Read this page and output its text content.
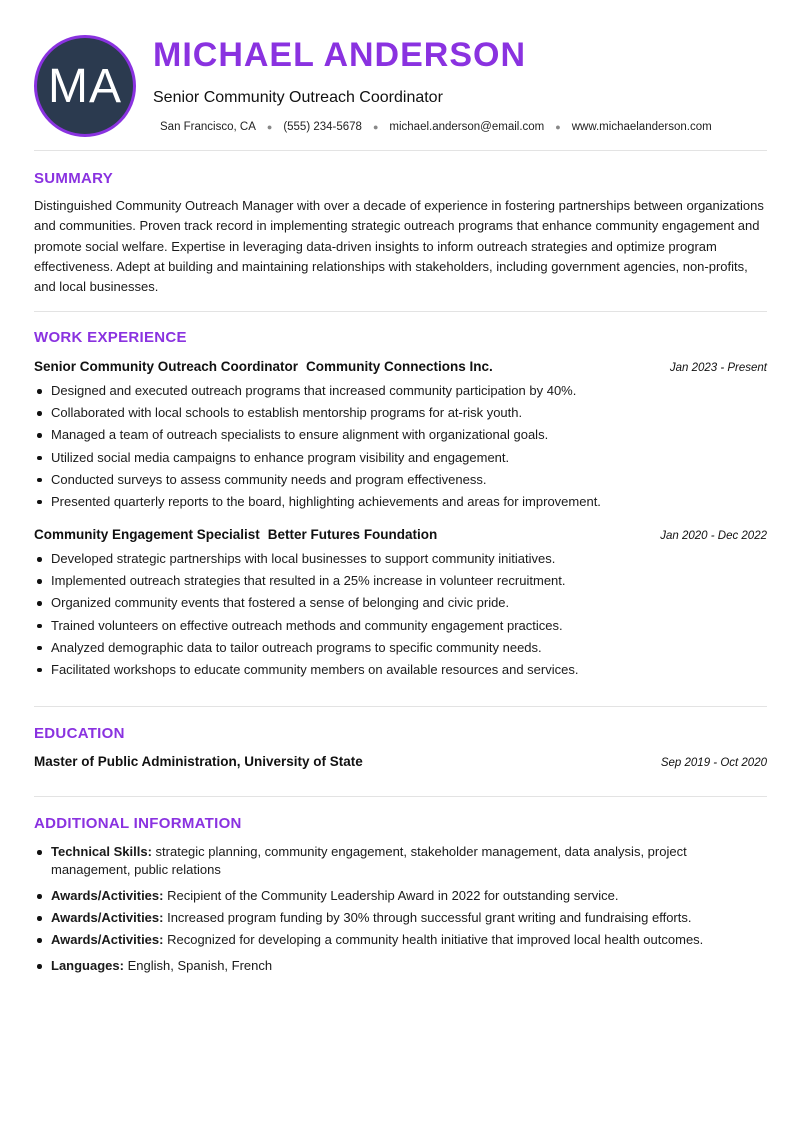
MA
MICHAEL ANDERSON
Senior Community Outreach Coordinator
San Francisco, CA ● (555) 234-5678 ● michael.anderson@email.com ● www.michaelanderson.com
SUMMARY
Distinguished Community Outreach Manager with over a decade of experience in fostering partnerships between organizations and communities. Proven track record in implementing strategic outreach programs that enhance community engagement and promote social welfare. Expertise in leveraging data-driven insights to inform outreach strategies and optimize program effectiveness. Adept at building and maintaining relationships with stakeholders, including government agencies, non-profits, and local businesses.
WORK EXPERIENCE
Senior Community Outreach Coordinator Community Connections Inc.	Jan 2023 - Present
Designed and executed outreach programs that increased community participation by 40%.
Collaborated with local schools to establish mentorship programs for at-risk youth.
Managed a team of outreach specialists to ensure alignment with organizational goals.
Utilized social media campaigns to enhance program visibility and engagement.
Conducted surveys to assess community needs and program effectiveness.
Presented quarterly reports to the board, highlighting achievements and areas for improvement.
Community Engagement Specialist Better Futures Foundation	Jan 2020 - Dec 2022
Developed strategic partnerships with local businesses to support community initiatives.
Implemented outreach strategies that resulted in a 25% increase in volunteer recruitment.
Organized community events that fostered a sense of belonging and civic pride.
Trained volunteers on effective outreach methods and community engagement practices.
Analyzed demographic data to tailor outreach programs to specific community needs.
Facilitated workshops to educate community members on available resources and services.
EDUCATION
Master of Public Administration, University of State	Sep 2019 - Oct 2020
ADDITIONAL INFORMATION
Technical Skills: strategic planning, community engagement, stakeholder management, data analysis, project management, public relations
Awards/Activities: Recipient of the Community Leadership Award in 2022 for outstanding service.
Awards/Activities: Increased program funding by 30% through successful grant writing and fundraising efforts.
Awards/Activities: Recognized for developing a community health initiative that improved local health outcomes.
Languages: English, Spanish, French
